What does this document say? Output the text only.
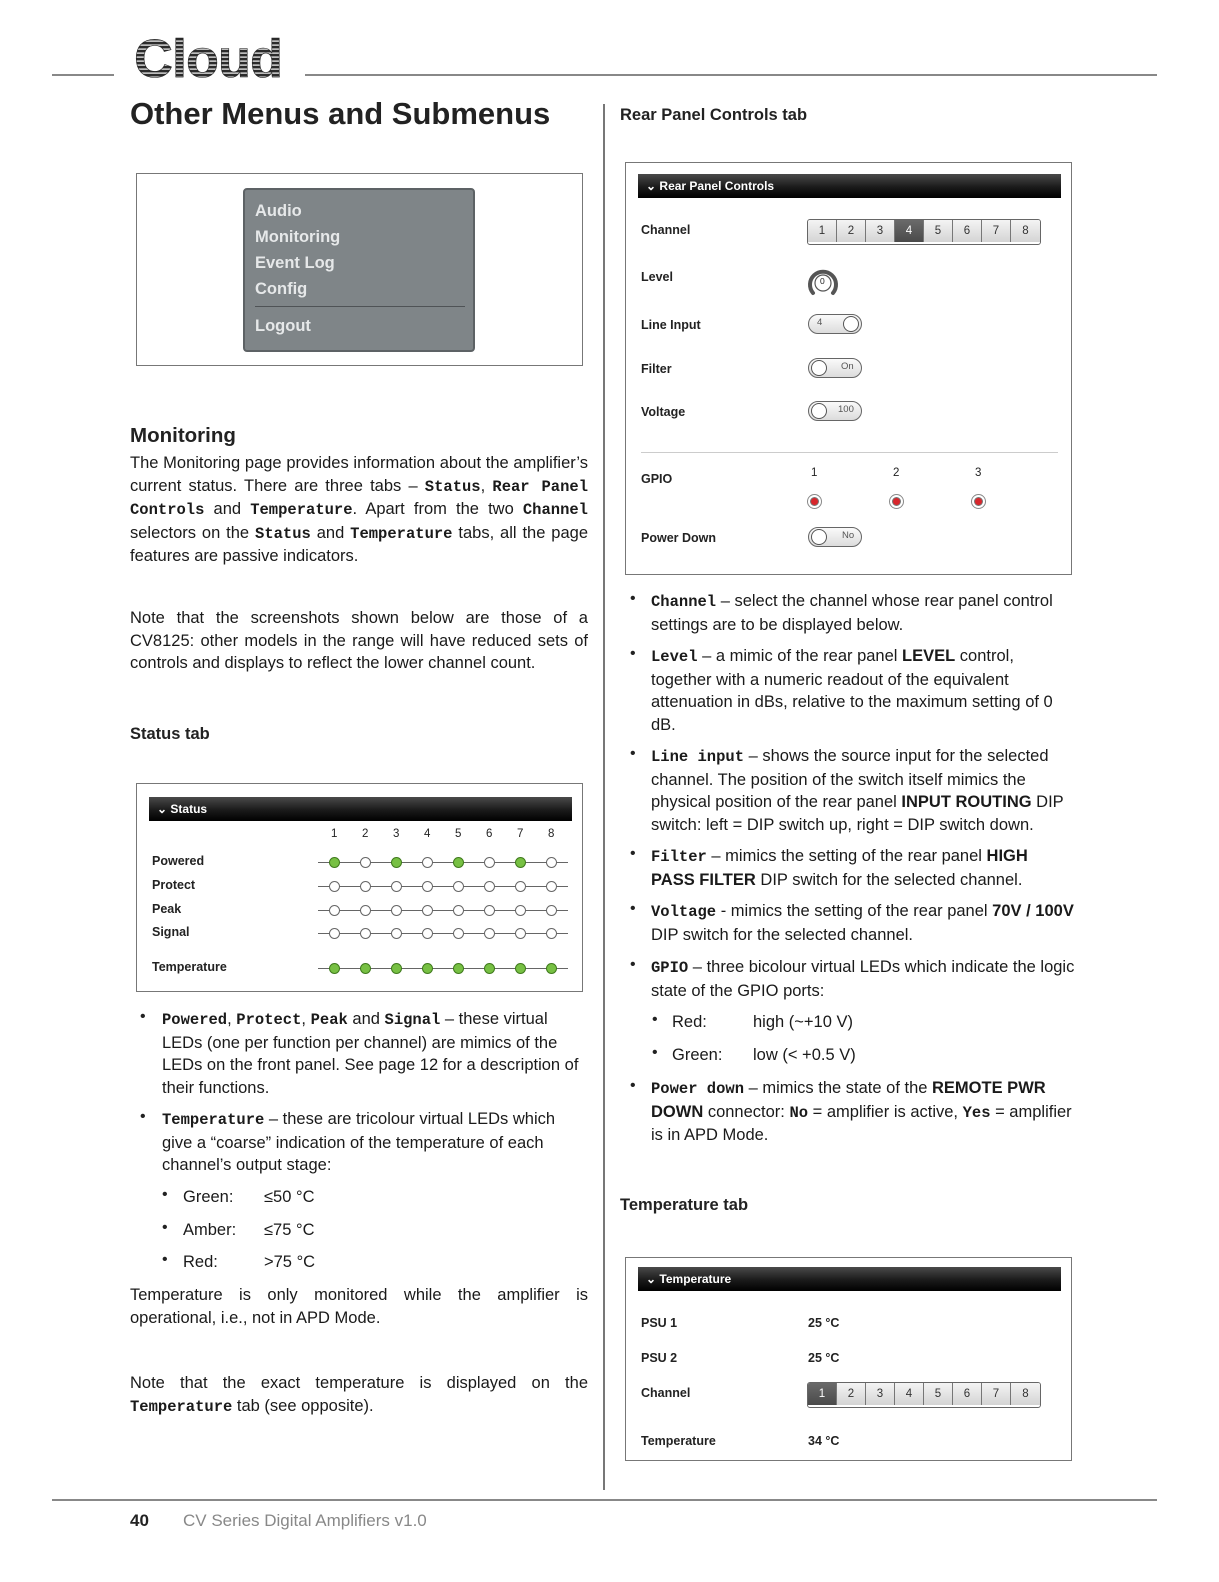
Cloud
Other Menus and Submenus
Audio
Monitoring
Event Log
Config
Logout
Monitoring

The Monitoring page provides information about the amplifier’s current status. There are three tabs – Status, Rear Panel Controls and Temperature. Apart from the two Channel selectors on the Status and Temperature tabs, all the page features are passive indicators.

Note that the screenshots shown below are those of a CV8125: other models in the range will have reduced sets of controls and displays to reflect the lower channel count.
Status tab
⌄ Status
1 2 3 4 5 6 7 8
Powered
Protect
Peak
Signal
Temperature
• Powered, Protect, Peak and Signal – these virtual LEDs (one per function per channel) are mimics of the LEDs on the front panel. See page 12 for a description of their functions.
• Temperature – these are tricolour virtual LEDs which give a “coarse” indication of the temperature of each channel’s output stage:
• Green: ≤50 °C
• Amber: ≤75 °C
• Red:	>75 °C
Temperature is only monitored while the amplifier is operational, i.e., not in APD Mode.
Note that the exact temperature is displayed on the Temperature tab (see opposite).
Rear Panel Controls tab
⌄ Rear Panel Controls
Channel	1	2	3	4	5	6	7	8
Level	0
Line Input	4
Filter	On
Voltage	100
GPIO	1	2	3
Power Down	No
• Channel – select the channel whose rear panel control settings are to be displayed below.
• Level – a mimic of the rear panel LEVEL control, together with a numeric readout of the equivalent attenuation in dBs, relative to the maximum setting of 0 dB.
• Line input – shows the source input for the selected channel. The position of the switch itself mimics the physical position of the rear panel INPUT ROUTING DIP switch: left = DIP switch up, right = DIP switch down.
• Filter – mimics the setting of the rear panel HIGH PASS FILTER DIP switch for the selected channel.
• Voltage - mimics the setting of the rear panel 70V / 100V DIP switch for the selected channel.
• GPIO – three bicolour virtual LEDs which indicate the logic state of the GPIO ports:
• Red:	high (~+10 V)
• Green: low (< +0.5 V)
• Power down – mimics the state of the REMOTE PWR DOWN connector: No = amplifier is active, Yes = amplifier is in APD Mode.
Temperature tab
⌄ Temperature
PSU 1	25 °C
PSU 2	25 °C
Channel	1	2	3	4	5	6	7	8
Temperature	34 °C
40 CV Series Digital Amplifiers v1.0
